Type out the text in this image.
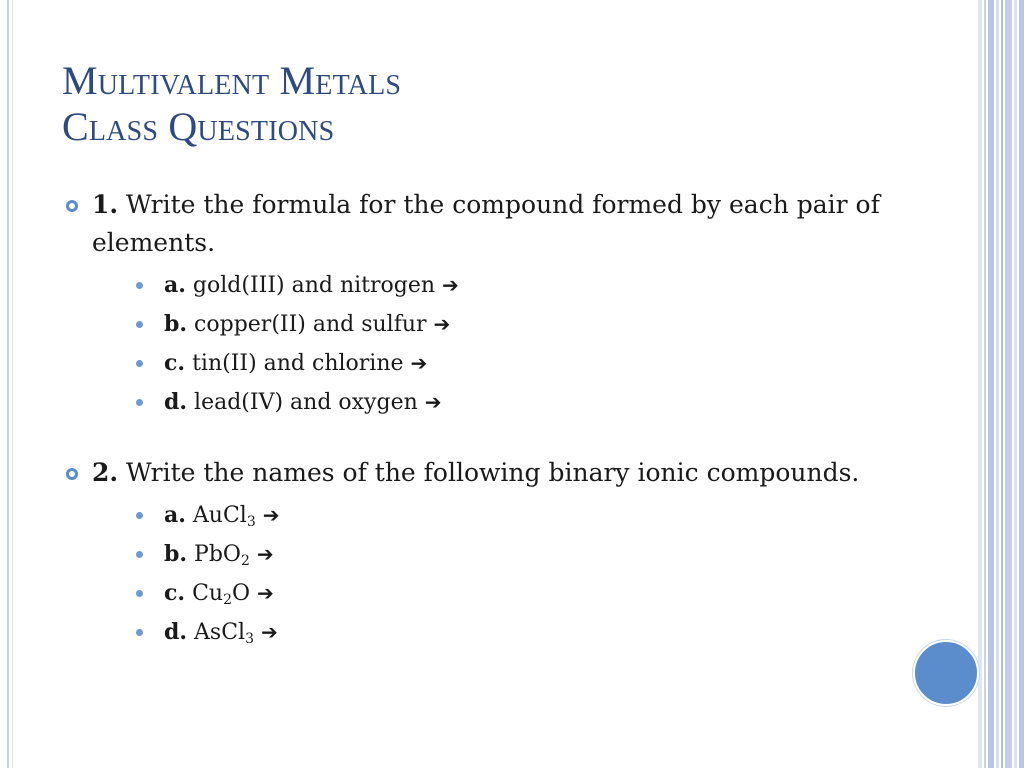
Multivalent Metals
Class Questions
1. Write the formula for the compound formed by each pair of elements.
a. gold(III) and nitrogen ➔
b. copper(II) and sulfur ➔
c. tin(II) and chlorine ➔
d. lead(IV) and oxygen ➔
2. Write the names of the following binary ionic compounds.
a. AuCl$_3$ ➔
b. PbO$_2$ ➔
c. $Cu_2O$ ➔
d. AsCl$_3$ ➔
